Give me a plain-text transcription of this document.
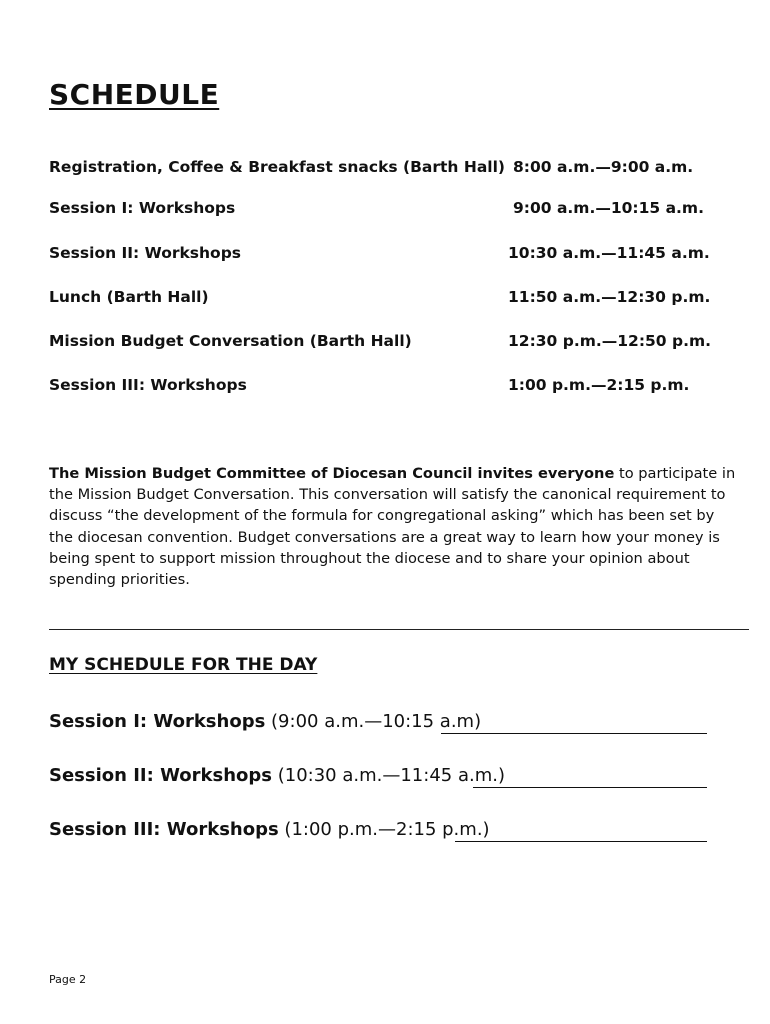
SCHEDULE
Registration, Coffee & Breakfast snacks (Barth Hall) 8:00 a.m.—9:00 a.m.
Session I: Workshops	9:00 a.m.—10:15 a.m.
Session II: Workshops	10:30 a.m.—11:45 a.m.
Lunch (Barth Hall)	11:50 a.m.—12:30 p.m.
Mission Budget Conversation (Barth Hall)	12:30 p.m.—12:50 p.m.
Session III: Workshops	1:00 p.m.—2:15 p.m.

The Mission Budget Committee of Diocesan Council invites everyone to participate in the Mission Budget Conversation. This conversation will satisfy the canonical requirement to discuss “the development of the formula for congregational asking” which has been set by the diocesan convention. Budget conversations are a great way to learn how your money is being spent to support mission throughout the diocese and to share your opinion about spending priorities.

MY SCHEDULE FOR THE DAY
Session I: Workshops (9:00 a.m.—10:15 a.m)
Session II: Workshops (10:30 a.m.—11:45 a.m.)
Session III: Workshops (1:00 p.m.—2:15 p.m.)
Page 2
